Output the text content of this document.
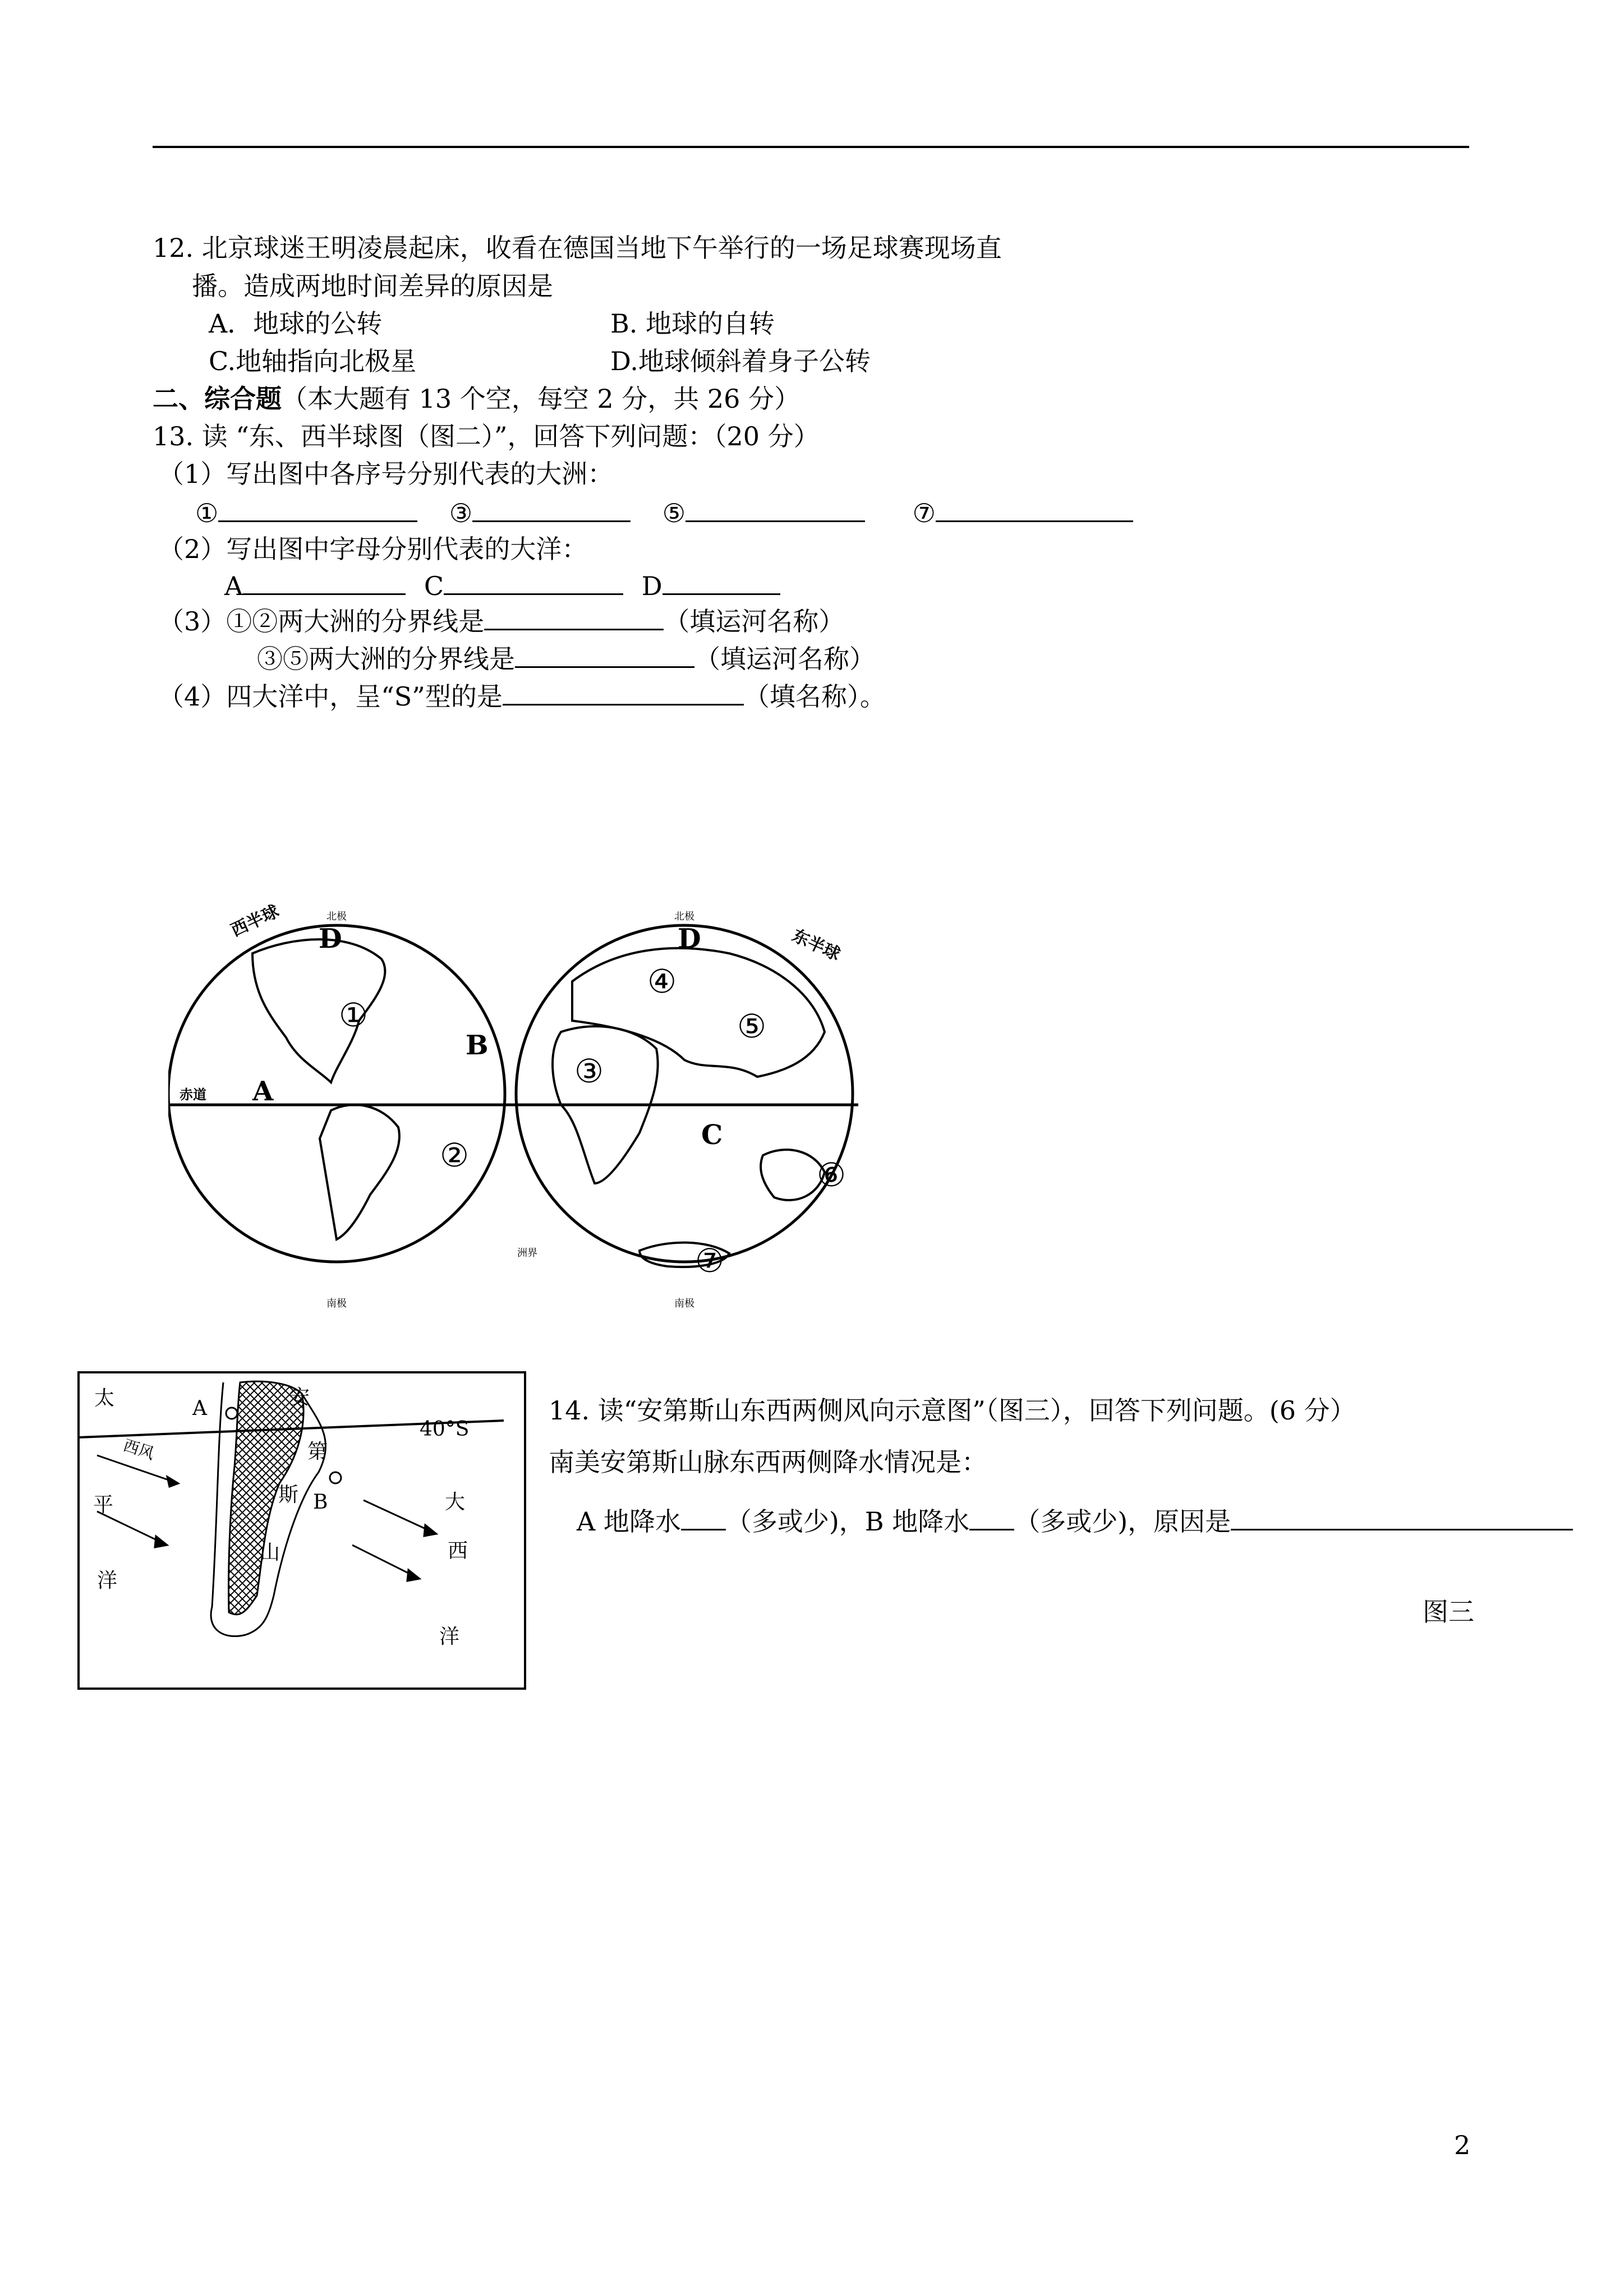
12. 北京球迷王明凌晨起床，收看在德国当地下午举行的一场足球赛现场直
播。造成两地时间差异的原因是
A．地球的公转	B. 地球的自转
C.地轴指向北极星	D.地球倾斜着身子公转
二、综合题（本大题有 13 个空，每空 2 分，共 26 分）
13. 读 “东、西半球图（图二）”，回答下列问题：（20 分）
（1）写出图中各序号分别代表的大洲：
①	③	⑤	⑦
（2）写出图中字母分别代表的大洋：
A	C	D
（3）①②两大洲的分界线是	（填运河名称）
③⑤两大洲的分界线是	（填运河名称）
（4）四大洋中，呈“S”型的是	（填名称）。
西半球
东半球
北极	北极
南极	南极
洲界
赤道 A
B
C
D	D
①
②
③
④
⑤
⑥
⑦
太
平
洋
大
西
洋
安
第
斯
山
40°S
A
B
西风
14. 读“安第斯山东西两侧风向示意图”（图三），回答下列问题。(6 分）
南美安第斯山脉东西两侧降水情况是：
A 地降水 （多或少)，B 地降水 （多或少)，原因是
图三
2
